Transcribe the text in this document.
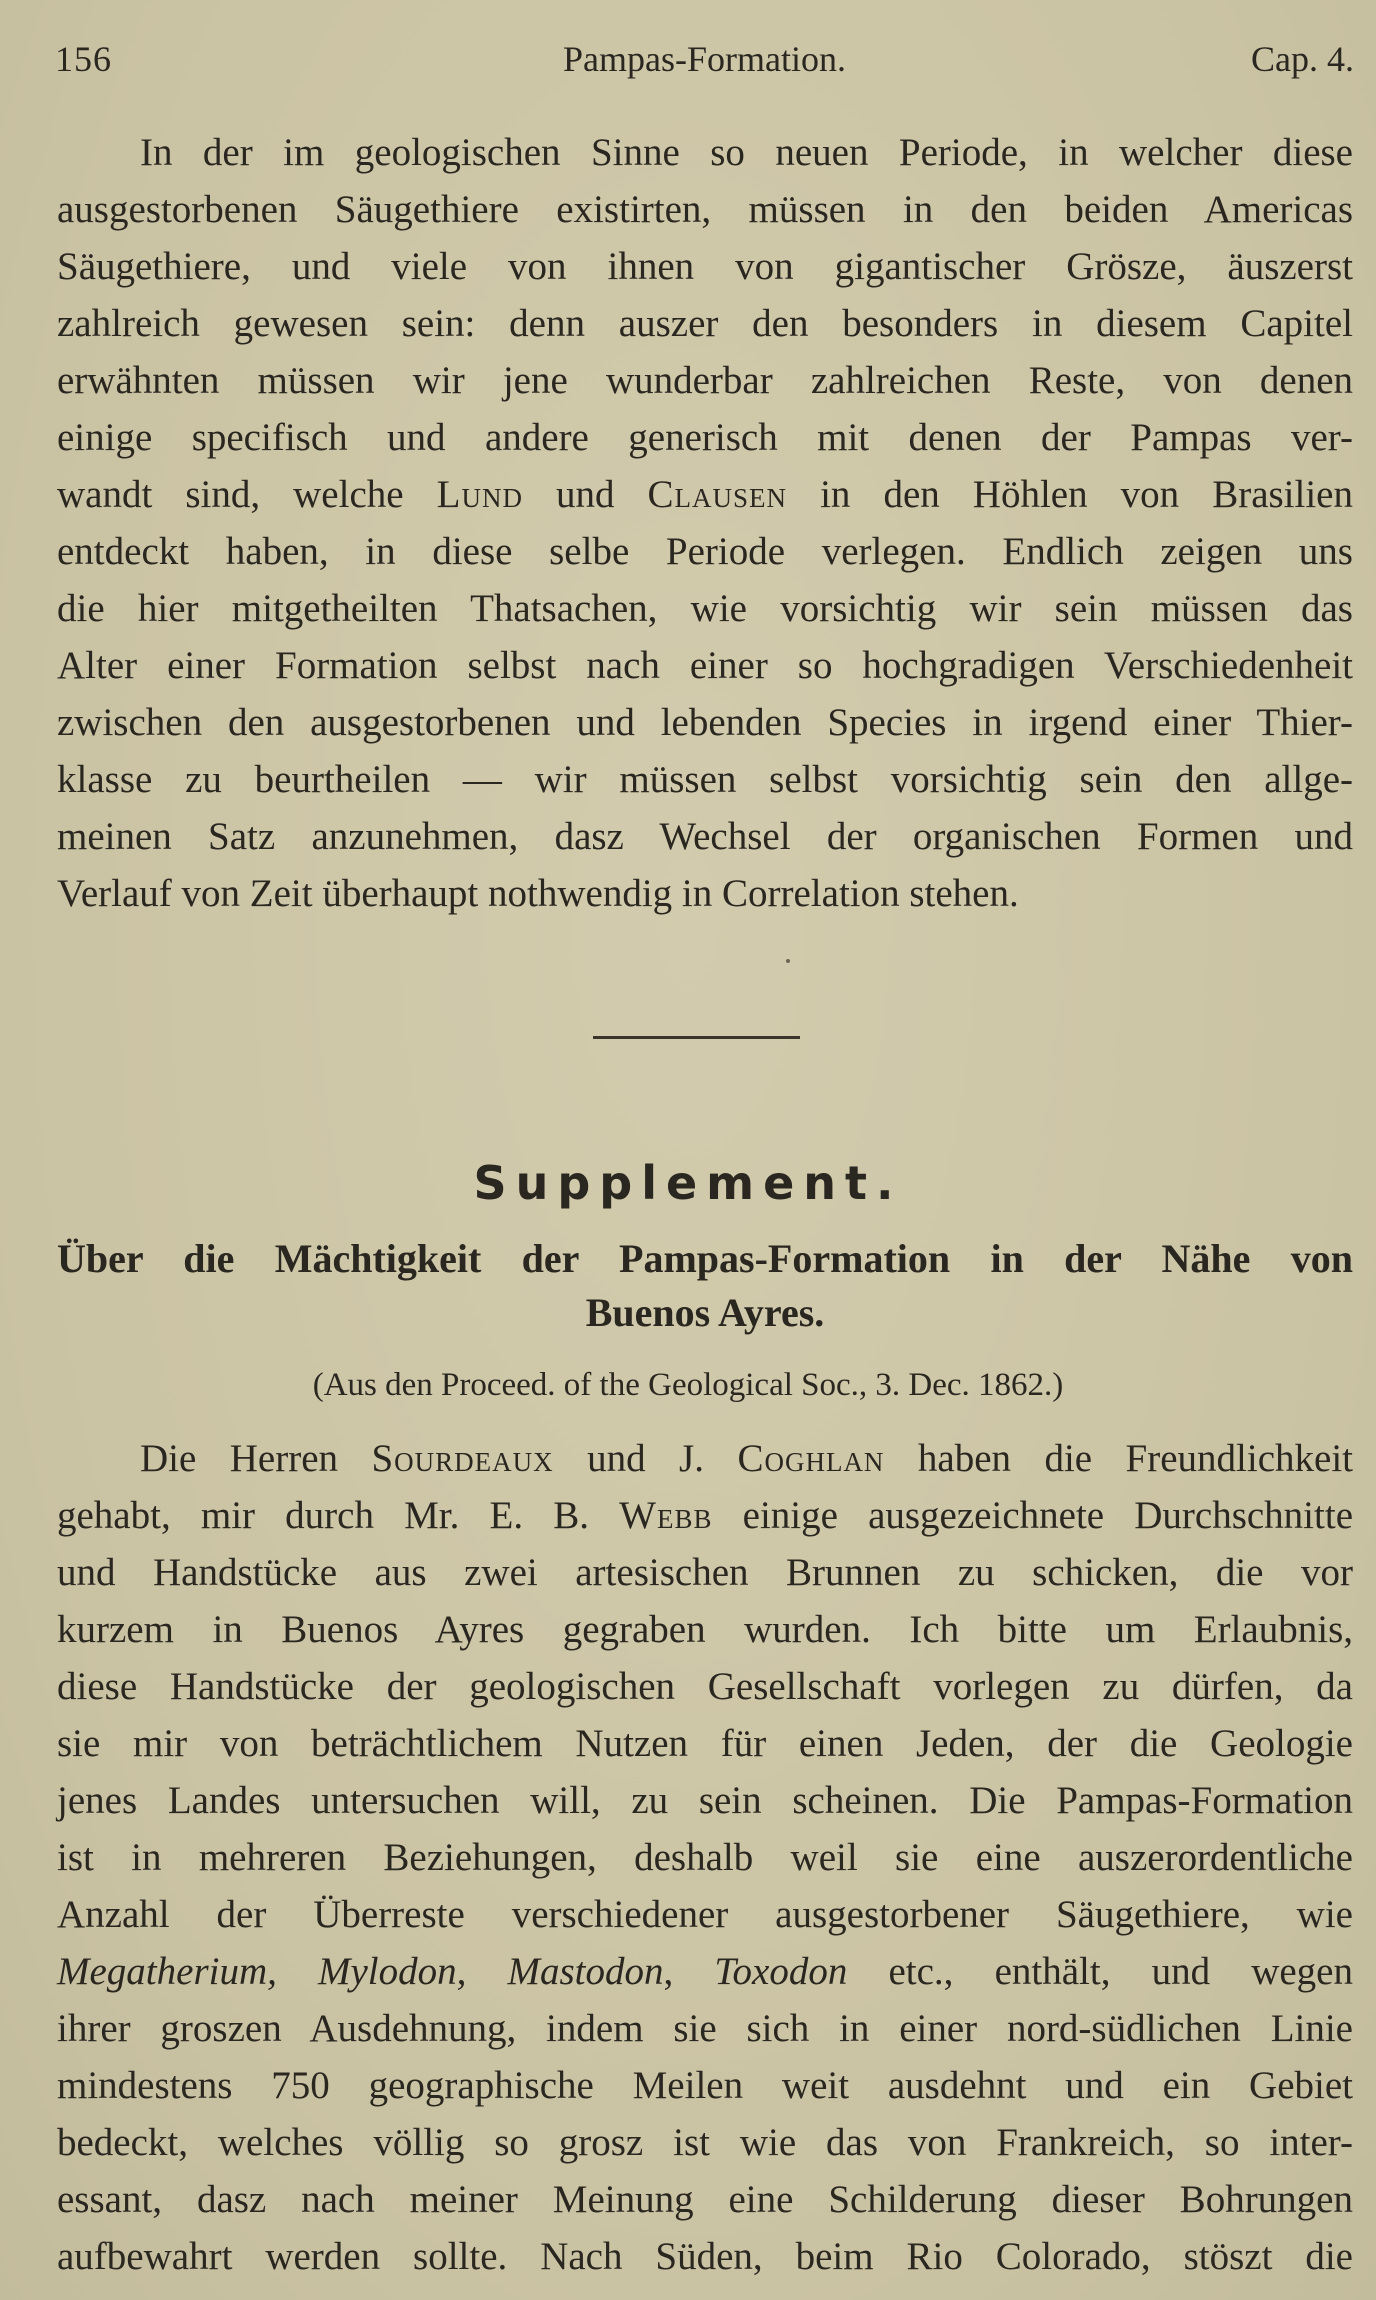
156	Pampas-Formation.	Cap. 4.
In der im geologischen Sinne so neuen Periode, in welcher diese
ausgestorbenen Säugethiere existirten, müssen in den beiden Americas
Säugethiere, und viele von ihnen von gigantischer Grösze, äuszerst
zahlreich gewesen sein: denn auszer den besonders in diesem Capitel
erwähnten müssen wir jene wunderbar zahlreichen Reste, von denen
einige specifisch und andere generisch mit denen der Pampas ver-
wandt sind, welche Lund und Clausen in den Höhlen von Brasilien
entdeckt haben, in diese selbe Periode verlegen. Endlich zeigen uns
die hier mitgetheilten Thatsachen, wie vorsichtig wir sein müssen das
Alter einer Formation selbst nach einer so hochgradigen Verschiedenheit
zwischen den ausgestorbenen und lebenden Species in irgend einer Thier-
klasse zu beurtheilen — wir müssen selbst vorsichtig sein den allge-
meinen Satz anzunehmen, dasz Wechsel der organischen Formen und
Verlauf von Zeit überhaupt nothwendig in Correlation stehen.
Supplement.
Über die Mächtigkeit der Pampas-Formation in der Nähe von
Buenos Ayres.
(Aus den Proceed. of the Geological Soc., 3. Dec. 1862.)
Die Herren Sourdeaux und J. Coghlan haben die Freundlichkeit
gehabt, mir durch Mr. E. B. Webb einige ausgezeichnete Durchschnitte
und Handstücke aus zwei artesischen Brunnen zu schicken, die vor
kurzem in Buenos Ayres gegraben wurden. Ich bitte um Erlaubnis,
diese Handstücke der geologischen Gesellschaft vorlegen zu dürfen, da
sie mir von beträchtlichem Nutzen für einen Jeden, der die Geologie
jenes Landes untersuchen will, zu sein scheinen. Die Pampas-Formation
ist in mehreren Beziehungen, deshalb weil sie eine auszerordentliche
Anzahl der Überreste verschiedener ausgestorbener Säugethiere, wie
Megatherium, Mylodon, Mastodon, Toxodon etc., enthält, und wegen
ihrer groszen Ausdehnung, indem sie sich in einer nord-südlichen Linie
mindestens 750 geographische Meilen weit ausdehnt und ein Gebiet
bedeckt, welches völlig so grosz ist wie das von Frankreich, so inter-
essant, dasz nach meiner Meinung eine Schilderung dieser Bohrungen
aufbewahrt werden sollte. Nach Süden, beim Rio Colorado, stöszt die
